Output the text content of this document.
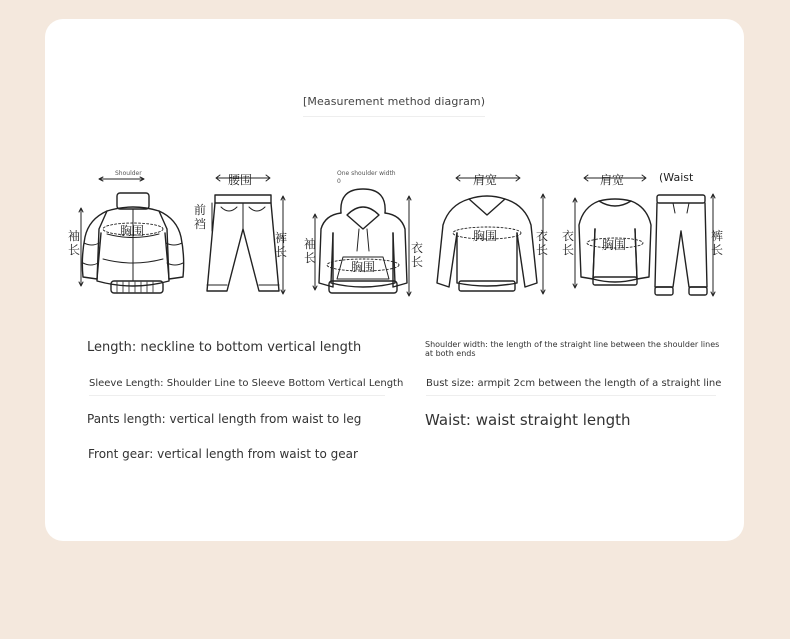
[Measurement method diagram)
Shoulder
胸围
袖长
腰围
前裆
裤长
One shoulder width
0
袖长
胸围
衣长
肩宽
胸围	衣长
肩宽	(Waist
衣长 胸围
裤长
Length: neckline to bottom vertical length
Sleeve Length: Shoulder Line to Sleeve Bottom Vertical Length
Pants length: vertical length from waist to leg
Front gear: vertical length from waist to gear
Shoulder width: the length of the straight line between the shoulder lines
at both ends
Bust size: armpit 2cm between the length of a straight line
Waist: waist straight length
